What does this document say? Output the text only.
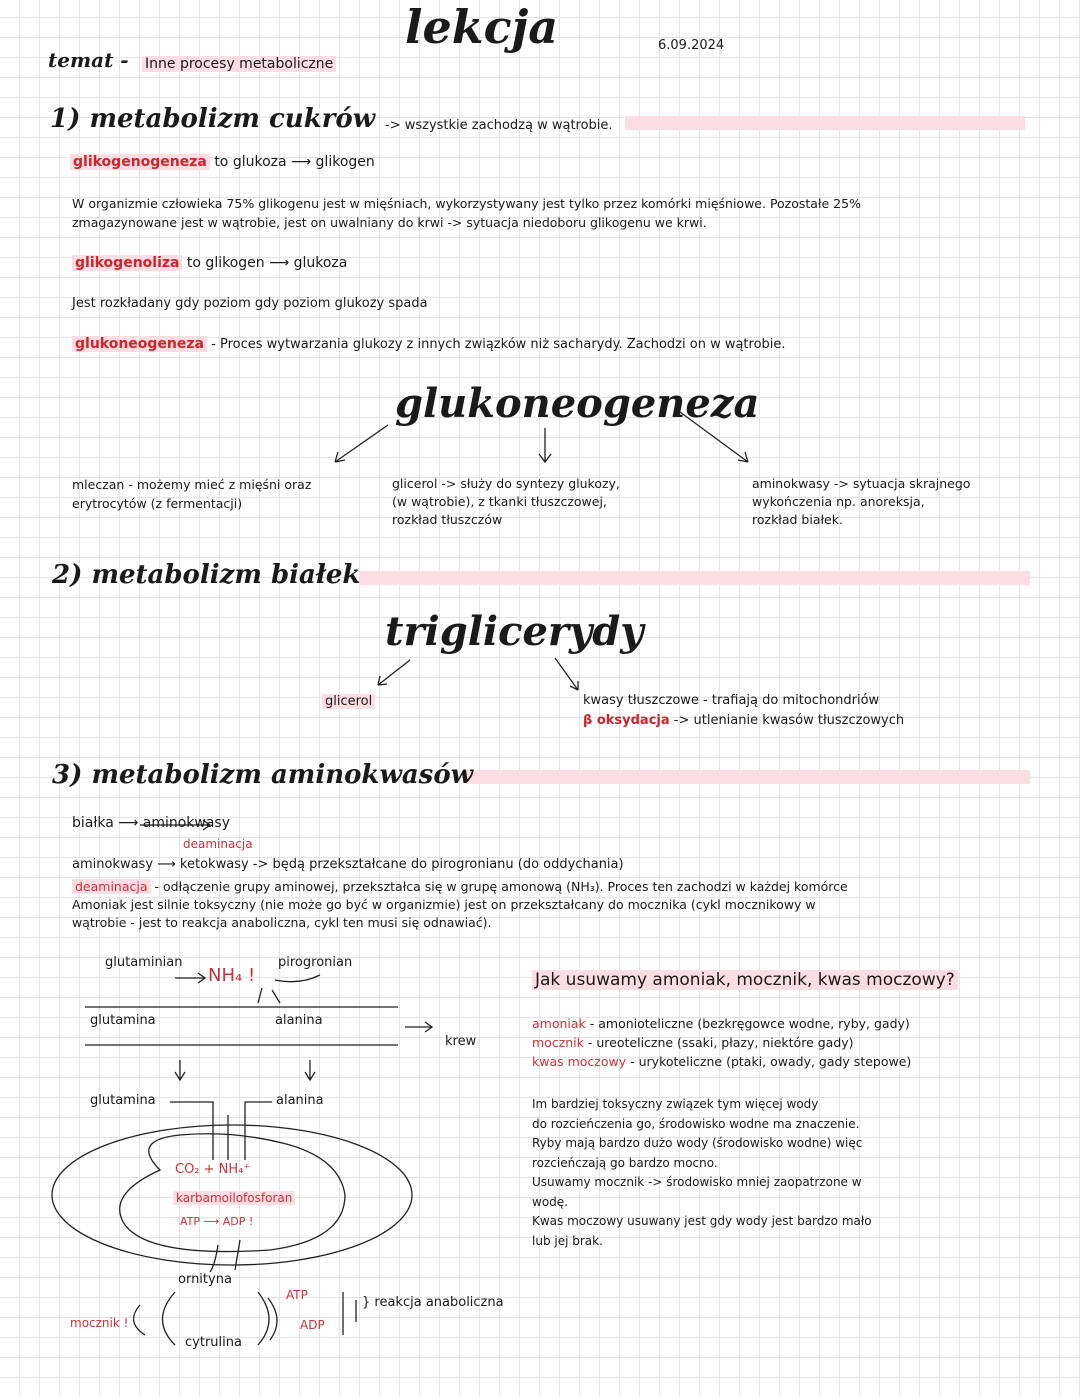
lekcja	6.09.2024
temat - Inne procesy metaboliczne
1) metabolizm cukrów -> wszystkie zachodzą w wątrobie.
glikogenogeneza to glukoza ⟶ glikogen
W organizmie człowieka 75% glikogenu jest w mięśniach, wykorzystywany jest tylko przez komórki mięśniowe. Pozostałe 25%
zmagazynowane jest w wątrobie, jest on uwalniany do krwi -> sytuacja niedoboru glikogenu we krwi.
glikogenoliza to glikogen ⟶ glukoza
Jest rozkładany gdy poziom gdy poziom glukozy spada
glukoneogeneza - Proces wytwarzania glukozy z innych związków niż sacharydy. Zachodzi on w wątrobie.
glukoneogeneza
mleczan - możemy mieć z mięśni oraz
erytrocytów (z fermentacji)
glicerol -> służy do syntezy glukozy,
(w wątrobie), z tkanki tłuszczowej,
rozkład tłuszczów
aminokwasy -> sytuacja skrajnego
wykończenia np. anoreksja,
rozkład białek.
2) metabolizm białek
triglicerydy
glicerol	kwasy tłuszczowe - trafiają do mitochondriów
β oksydacja -> utlenianie kwasów tłuszczowych
3) metabolizm aminokwasów
białka ⟶ aminokwasy
deaminacja
aminokwasy ⟶ ketokwasy -> będą przekształcane do pirogronianu (do oddychania)
deaminacja - odłączenie grupy aminowej, przekształca się w grupę amonową (NH₃). Proces ten zachodzi w każdej komórce
Amoniak jest silnie toksyczny (nie może go być w organizmie) jest on przekształcany do mocznika (cykl mocznikowy w
wątrobie - jest to reakcja anaboliczna, cykl ten musi się odnawiać).
glutaminian
NH₄ !
pirogronian
glutamina	alanina
krew
glutamina	alanina
CO₂ + NH₄⁺
karbamoilofosforan
ATP ⟶ ADP !
ornityna
cytrulina
mocznik !
ATP
ADP
} reakcja anaboliczna
Jak usuwamy amoniak, mocznik, kwas moczowy?
amoniak - amonioteliczne (bezkręgowce wodne, ryby, gady)
mocznik - ureoteliczne (ssaki, płazy, niektóre gady)
kwas moczowy - urykoteliczne (ptaki, owady, gady stepowe)
Im bardziej toksyczny związek tym więcej wody
do rozcieńczenia go, środowisko wodne ma znaczenie.
Ryby mają bardzo dużo wody (środowisko wodne) więc
rozcieńczają go bardzo mocno.
Usuwamy mocznik -> środowisko mniej zaopatrzone w
wodę.
Kwas moczowy usuwany jest gdy wody jest bardzo mało
lub jej brak.
